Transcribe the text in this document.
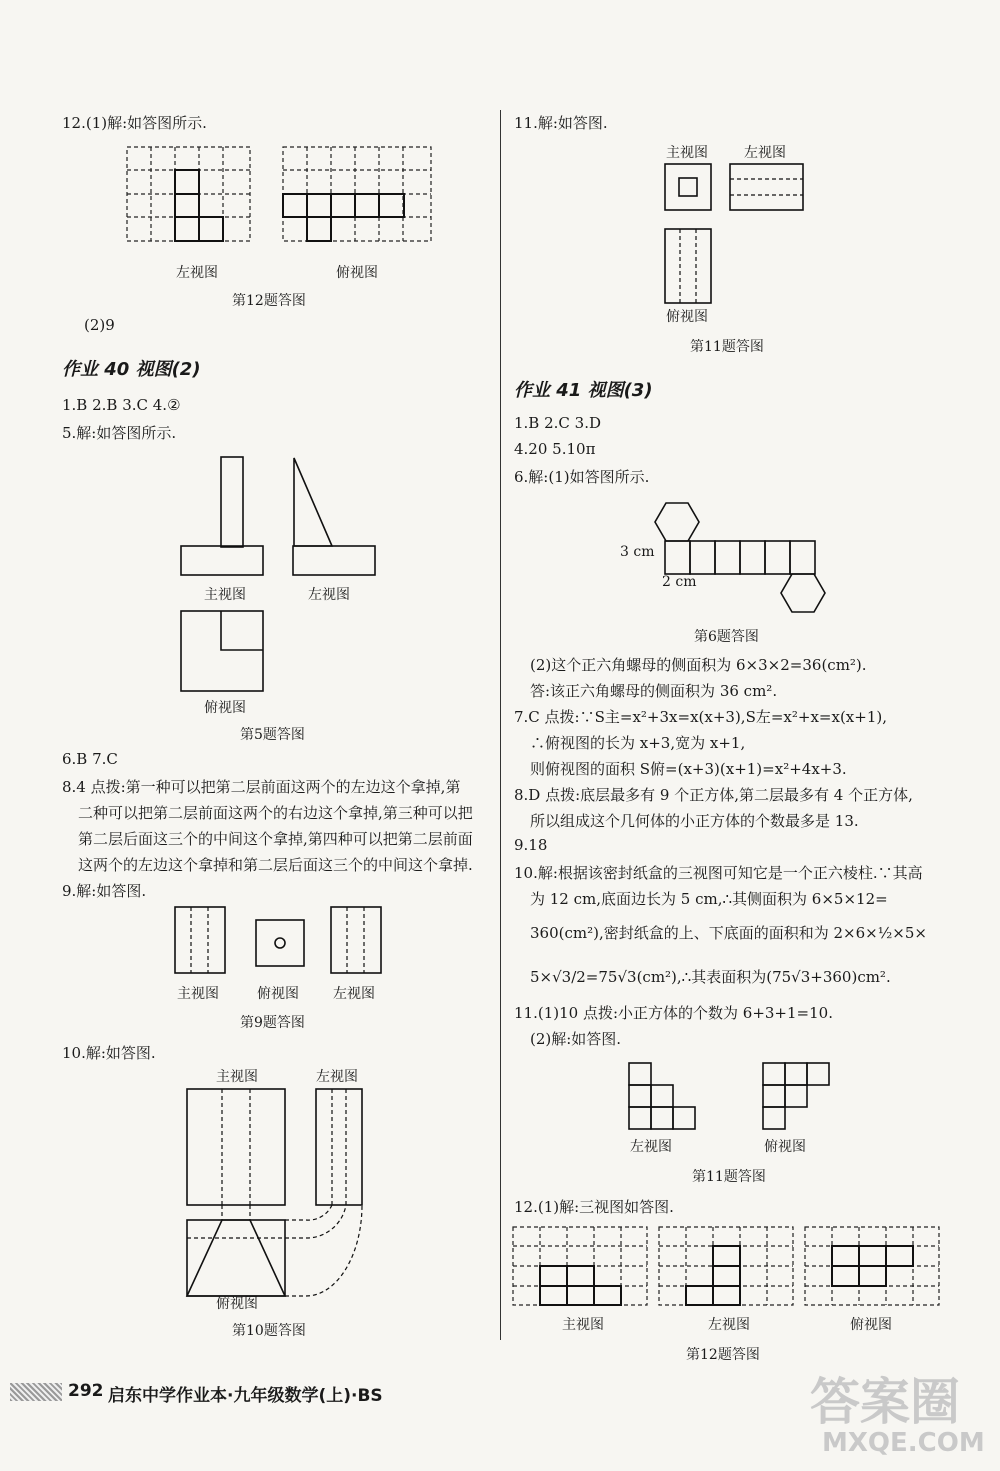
12.(1)解:如答图所示.
左视图	俯视图
第12题答图
(2)9
作业 40 视图(2)
1.B 2.B 3.C 4.②
5.解:如答图所示.
主视图	左视图
俯视图
第5题答图
6.B 7.C
8.4 点拨:第一种可以把第二层前面这两个的左边这个拿掉,第
二种可以把第二层前面这两个的右边这个拿掉,第三种可以把
第二层后面这三个的中间这个拿掉,第四种可以把第二层前面
这两个的左边这个拿掉和第二层后面这三个的中间这个拿掉.
9.解:如答图.
主视图	俯视图 左视图
第9题答图
10.解:如答图.
主视图	左视图
俯视图
第10题答图
11.解:如答图.
主视图	左视图
俯视图
第11题答图
作业 41 视图(3)
1.B 2.C 3.D
4.20 5.10π
6.解:(1)如答图所示.
3 cm
2 cm
第6题答图
(2)这个正六角螺母的侧面积为 6×3×2=36(cm²).
答:该正六角螺母的侧面积为 36 cm².
7.C 点拨:∵S主=x²+3x=x(x+3),S左=x²+x=x(x+1),
∴俯视图的长为 x+3,宽为 x+1,
则俯视图的面积 S俯=(x+3)(x+1)=x²+4x+3.
8.D 点拨:底层最多有 9 个正方体,第二层最多有 4 个正方体,
所以组成这个几何体的小正方体的个数最多是 13.
9.18
10.解:根据该密封纸盒的三视图可知它是一个正六棱柱.∵其高
为 12 cm,底面边长为 5 cm,∴其侧面积为 6×5×12=
360(cm²),密封纸盒的上、下底面的面积和为 2×6×½×5×
5×√3/2=75√3(cm²),∴其表面积为(75√3+360)cm².
11.(1)10 点拨:小正方体的个数为 6+3+1=10.
(2)解:如答图.
左视图	俯视图
第11题答图
12.(1)解:三视图如答图.
主视图	左视图	俯视图
第12题答图
292 启东中学作业本·九年级数学(上)·BS	答案圈
MXQE.COM
